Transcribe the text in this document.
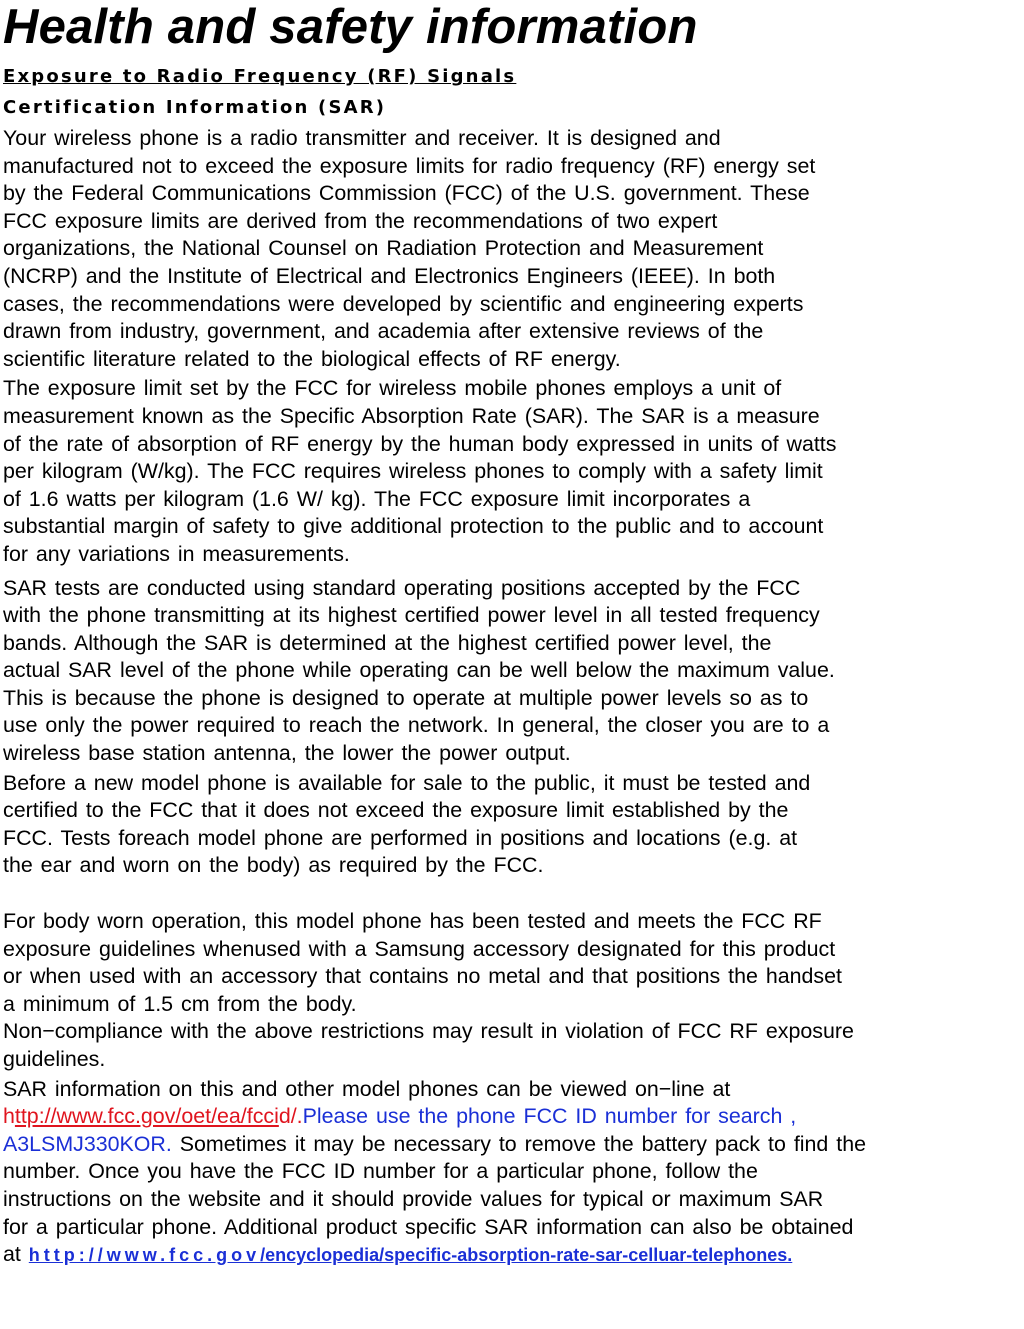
Health and safety information
Exposure to Radio Frequency (RF) Signals
Certification Information (SAR)
Your wireless phone is a radio transmitter and receiver. It is designed and
manufactured not to exceed the exposure limits for radio frequency (RF) energy set
by the Federal Communications Commission (FCC) of the U.S. government. These
FCC exposure limits are derived from the recommendations of two expert
organizations, the National Counsel on Radiation Protection and Measurement
(NCRP) and the Institute of Electrical and Electronics Engineers (IEEE). In both
cases, the recommendations were developed by scientific and engineering experts
drawn from industry, government, and academia after extensive reviews of the
scientific literature related to the biological effects of RF energy.
The exposure limit set by the FCC for wireless mobile phones employs a unit of
measurement known as the Specific Absorption Rate (SAR). The SAR is a measure
of the rate of absorption of RF energy by the human body expressed in units of watts
per kilogram (W/kg). The FCC requires wireless phones to comply with a safety limit
of 1.6 watts per kilogram (1.6 W/ kg). The FCC exposure limit incorporates a
substantial margin of safety to give additional protection to the public and to account
for any variations in measurements.
SAR tests are conducted using standard operating positions accepted by the FCC
with the phone transmitting at its highest certified power level in all tested frequency
bands. Although the SAR is determined at the highest certified power level, the
actual SAR level of the phone while operating can be well below the maximum value.
This is because the phone is designed to operate at multiple power levels so as to
use only the power required to reach the network. In general, the closer you are to a
wireless base station antenna, the lower the power output.
Before a new model phone is available for sale to the public, it must be tested and
certified to the FCC that it does not exceed the exposure limit established by the
FCC. Tests foreach model phone are performed in positions and locations (e.g. at
the ear and worn on the body) as required by the FCC.
For body worn operation, this model phone has been tested and meets the FCC RF
exposure guidelines whenused with a Samsung accessory designated for this product
or when used with an accessory that contains no metal and that positions the handset
a minimum of 1.5 cm from the body.
Non−compliance with the above restrictions may result in violation of FCC RF exposure
guidelines.
SAR information on this and other model phones can be viewed on−line at
http://www.fcc.gov/oet/ea/fccid/.Please use the phone FCC ID number for search ,
A3LSMJ330KOR. Sometimes it may be necessary to remove the battery pack to find the
number. Once you have the FCC ID number for a particular phone, follow the
instructions on the website and it should provide values for typical or maximum SAR
for a particular phone. Additional product specific SAR information can also be obtained
at http://www.fcc.gov/encyclopedia/specific-absorption-rate-sar-celluar-telephones.
